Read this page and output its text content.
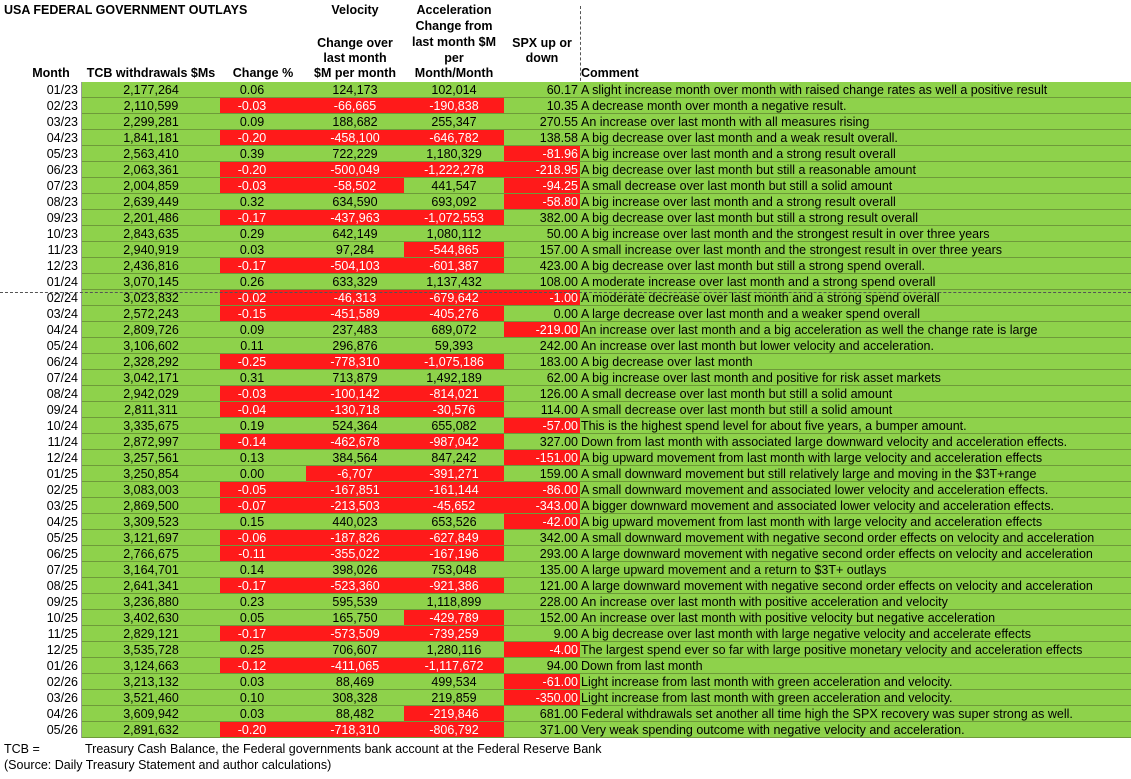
USA FEDERAL GOVERNMENT OUTLAYS	Velocity	Acceleration
Change from
last month $M
per
Month/Month
Change over
last month
$M per month
SPX up or
down
Month	TCB withdrawals $Ms	Change %	Comment
01/23	2,177,264	0.06	124,173	102,014	60.17 A slight increase month over month with raised change rates as well a positive result
02/23	2,110,599	-0.03	-66,665	-190,838	10.35 A decrease month over month a negative result.
03/23	2,299,281	0.09	188,682	255,347	270.55 An increase over last month with all measures rising
04/23	1,841,181	-0.20	-458,100	-646,782	138.58 A big decrease over last month and a weak result overall.
05/23	2,563,410	0.39	722,229	1,180,329	-81.96 A big increase over last month and a strong result overall
06/23	2,063,361	-0.20	-500,049	-1,222,278	-218.95 A big decrease over last month but still a reasonable amount
07/23	2,004,859	-0.03	-58,502	441,547	-94.25 A small decrease over last month but still a solid amount
08/23	2,639,449	0.32	634,590	693,092	-58.80 A big increase over last month and a strong result overall
09/23	2,201,486	-0.17	-437,963	-1,072,553	382.00 A big decrease over last month but still a strong result overall
10/23	2,843,635	0.29	642,149	1,080,112	50.00 A big increase over last month and the strongest result in over three years
11/23	2,940,919	0.03	97,284	-544,865	157.00 A small increase over last month and the strongest result in over three years
12/23	2,436,816	-0.17	-504,103	-601,387	423.00 A big decrease over last month but still a strong spend overall.
01/24	3,070,145	0.26	633,329	1,137,432	108.00 A moderate increase over last month and a strong spend overall
02/24	3,023,832	-0.02	-46,313	-679,642	-1.00 A moderate decrease over last month and a strong spend overall
03/24	2,572,243	-0.15	-451,589	-405,276	0.00 A large decrease over last month and a weaker spend overall
04/24	2,809,726	0.09	237,483	689,072	-219.00 An increase over last month and a big acceleration as well the change rate is large
05/24	3,106,602	0.11	296,876	59,393	242.00 An increase over last month but lower velocity and acceleration.
06/24	2,328,292	-0.25	-778,310	-1,075,186	183.00 A big decrease over last month
07/24	3,042,171	0.31	713,879	1,492,189	62.00 A big increase over last month and positive for risk asset markets
08/24	2,942,029	-0.03	-100,142	-814,021	126.00 A small decrease over last month but still a solid amount
09/24	2,811,311	-0.04	-130,718	-30,576	114.00 A small decrease over last month but still a solid amount
10/24	3,335,675	0.19	524,364	655,082	-57.00 This is the highest spend level for about five years, a bumper amount.
11/24	2,872,997	-0.14	-462,678	-987,042	327.00 Down from last month with associated large downward velocity and acceleration effects.
12/24	3,257,561	0.13	384,564	847,242	-151.00 A big upward movement from last month with large velocity and acceleration effects
01/25	3,250,854	0.00	-6,707	-391,271	159.00 A small downward movement but still relatively large and moving in the $3T+range
02/25	3,083,003	-0.05	-167,851	-161,144	-86.00 A small downward movement and associated lower velocity and acceleration effects.
03/25	2,869,500	-0.07	-213,503	-45,652	-343.00 A bigger downward movement and associated lower velocity and acceleration effects.
04/25	3,309,523	0.15	440,023	653,526	-42.00 A big upward movement from last month with large velocity and acceleration effects
05/25	3,121,697	-0.06	-187,826	-627,849	342.00 A small downward movement with negative second order effects on velocity and acceleration
06/25	2,766,675	-0.11	-355,022	-167,196	293.00 A large downward movement with negative second order effects on velocity and acceleration
07/25	3,164,701	0.14	398,026	753,048	135.00 A large upward movement and a return to $3T+ outlays
08/25	2,641,341	-0.17	-523,360	-921,386	121.00 A large downward movement with negative second order effects on velocity and acceleration
09/25	3,236,880	0.23	595,539	1,118,899	228.00 An increase over last month with positive acceleration and velocity
10/25	3,402,630	0.05	165,750	-429,789	152.00 An increase over last month with positive velocity but negative acceleration
11/25	2,829,121	-0.17	-573,509	-739,259	9.00 A big decrease over last month with large negative velocity and accelerate effects
12/25	3,535,728	0.25	706,607	1,280,116	-4.00 The largest spend ever so far with large positive monetary velocity and acceleration effects
01/26	3,124,663	-0.12	-411,065	-1,117,672	94.00 Down from last month
02/26	3,213,132	0.03	88,469	499,534	-61.00 Light increase from last month with green acceleration and velocity.
03/26	3,521,460	0.10	308,328	219,859	-350.00 Light increase from last month with green acceleration and velocity.
04/26	3,609,942	0.03	88,482	-219,846	681.00 Federal withdrawals set another all time high the SPX recovery was super strong as well.
05/26	2,891,632	-0.20	-718,310	-806,792	371.00 Very weak spending outcome with negative velocity and acceleration.
TCB =	Treasury Cash Balance, the Federal governments bank account at the Federal Reserve Bank
(Source: Daily Treasury Statement and author calculations)
